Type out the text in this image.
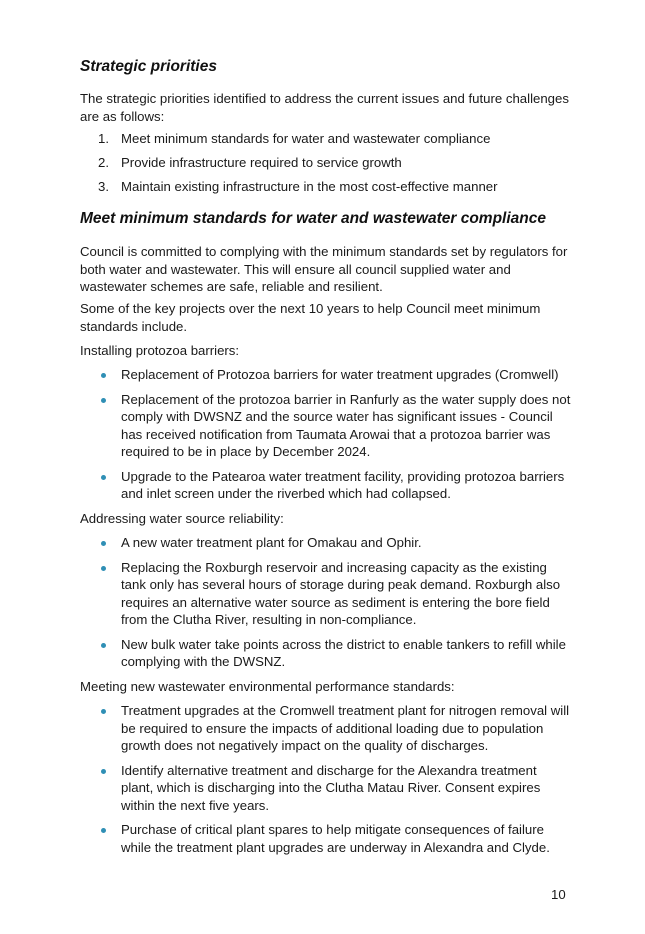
Strategic priorities

The strategic priorities identified to address the current issues and future challenges are as follows:

1. Meet minimum standards for water and wastewater compliance
2. Provide infrastructure required to service growth
3. Maintain existing infrastructure in the most cost-effective manner
Meet minimum standards for water and wastewater compliance

Council is committed to complying with the minimum standards set by regulators for both water and wastewater. This will ensure all council supplied water and wastewater schemes are safe, reliable and resilient.

Some of the key projects over the next 10 years to help Council meet minimum standards include.

Installing protozoa barriers:

Replacement of Protozoa barriers for water treatment upgrades (Cromwell)
Replacement of the protozoa barrier in Ranfurly as the water supply does not comply with DWSNZ and the source water has significant issues - Council has received notification from Taumata Arowai that a protozoa barrier was required to be in place by December 2024.
Upgrade to the Patearoa water treatment facility, providing protozoa barriers and inlet screen under the riverbed which had collapsed.

Addressing water source reliability:

A new water treatment plant for Omakau and Ophir.
Replacing the Roxburgh reservoir and increasing capacity as the existing tank only has several hours of storage during peak demand. Roxburgh also requires an alternative water source as sediment is entering the bore field from the Clutha River, resulting in non-compliance.
New bulk water take points across the district to enable tankers to refill while complying with the DWSNZ.

Meeting new wastewater environmental performance standards:

Treatment upgrades at the Cromwell treatment plant for nitrogen removal will be required to ensure the impacts of additional loading due to population growth does not negatively impact on the quality of discharges.
Identify alternative treatment and discharge for the Alexandra treatment plant, which is discharging into the Clutha Matau River. Consent expires within the next five years.
Purchase of critical plant spares to help mitigate consequences of failure while the treatment plant upgrades are underway in Alexandra and Clyde.
10
